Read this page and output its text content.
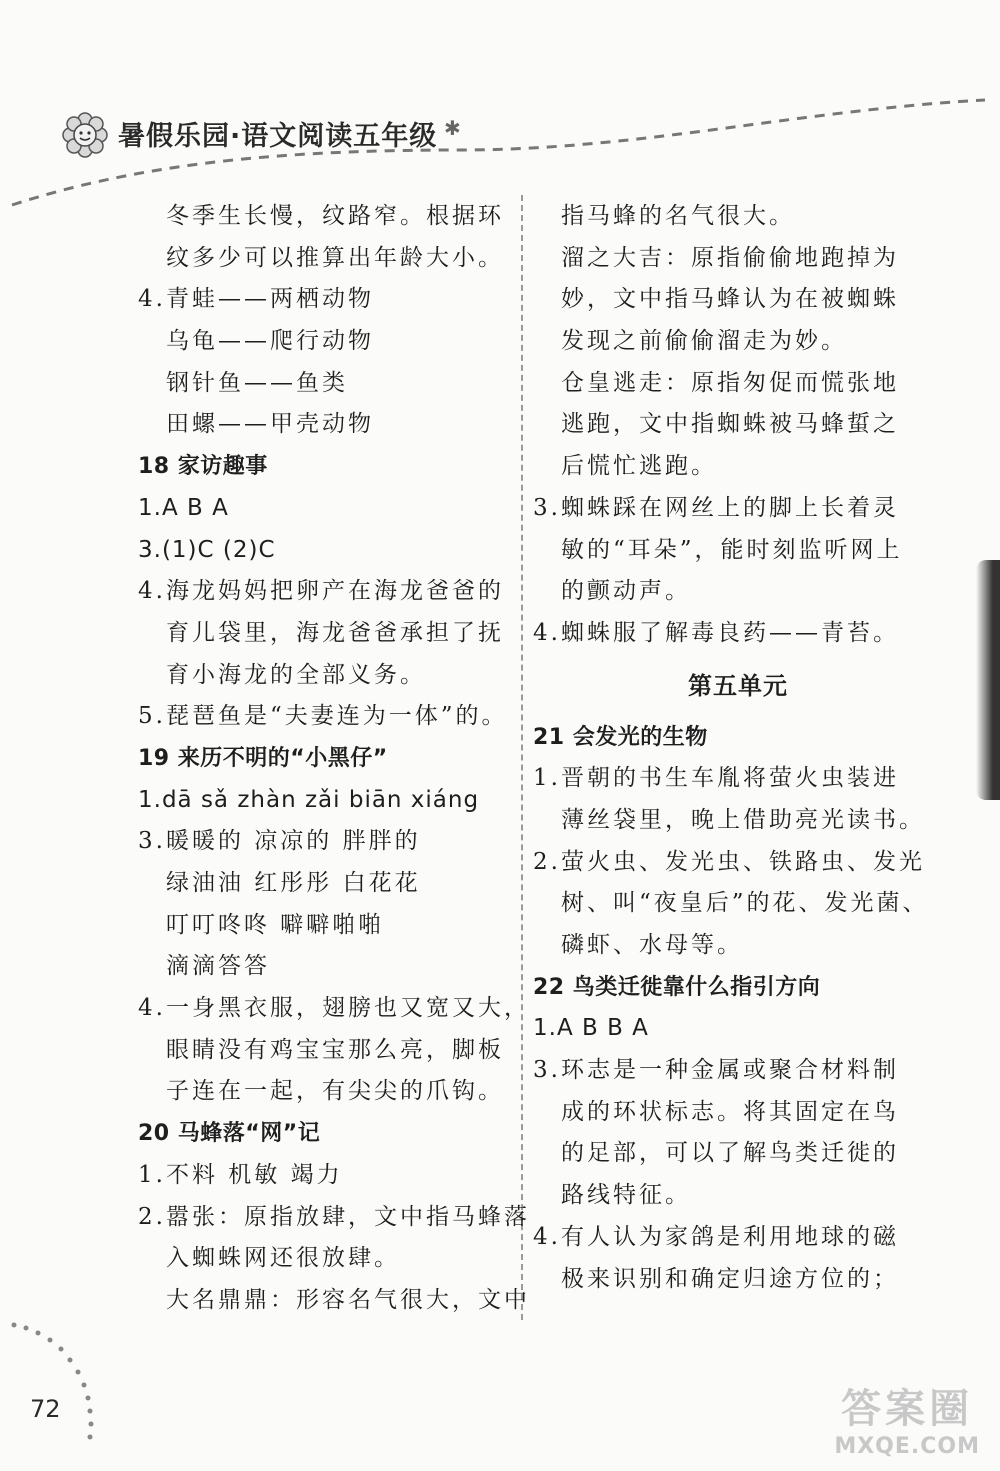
暑假乐园·语文阅读五年级 ✱
冬季生长慢，纹路窄。根据环
纹多少可以推算出年龄大小。
4.青蛙——两栖动物
乌龟——爬行动物
钢针鱼——鱼类
田螺——甲壳动物
18 家访趣事
1.A B A
3.(1)C (2)C
4.海龙妈妈把卵产在海龙爸爸的
育儿袋里，海龙爸爸承担了抚
育小海龙的全部义务。
5.琵琶鱼是“夫妻连为一体”的。
19 来历不明的“小黑仔”
1.dā sǎ zhàn zǎi biān xiáng
3.暖暖的 凉凉的 胖胖的
绿油油 红彤彤 白花花
叮叮咚咚 噼噼啪啪
滴滴答答
4.一身黑衣服，翅膀也又宽又大，
眼睛没有鸡宝宝那么亮，脚板
子连在一起，有尖尖的爪钩。
20 马蜂落“网”记
1.不料 机敏 竭力
2.嚣张：原指放肆，文中指马蜂落
入蜘蛛网还很放肆。
大名鼎鼎：形容名气很大，文中
指马蜂的名气很大。
溜之大吉：原指偷偷地跑掉为
妙，文中指马蜂认为在被蜘蛛
发现之前偷偷溜走为妙。
仓皇逃走：原指匆促而慌张地
逃跑，文中指蜘蛛被马蜂蜇之
后慌忙逃跑。
3.蜘蛛踩在网丝上的脚上长着灵
敏的“耳朵”，能时刻监听网上
的颤动声。
4.蜘蛛服了解毒良药——青苔。
第五单元
21 会发光的生物
1.晋朝的书生车胤将萤火虫装进
薄丝袋里，晚上借助亮光读书。
2.萤火虫、发光虫、铁路虫、发光
树、叫“夜皇后”的花、发光菌、
磷虾、水母等。
22 鸟类迁徙靠什么指引方向
1.A B B A
3.环志是一种金属或聚合材料制
成的环状标志。将其固定在鸟
的足部，可以了解鸟类迁徙的
路线特征。
4.有人认为家鸽是利用地球的磁
极来识别和确定归途方位的；
72	答案圈
MXQE.COM
